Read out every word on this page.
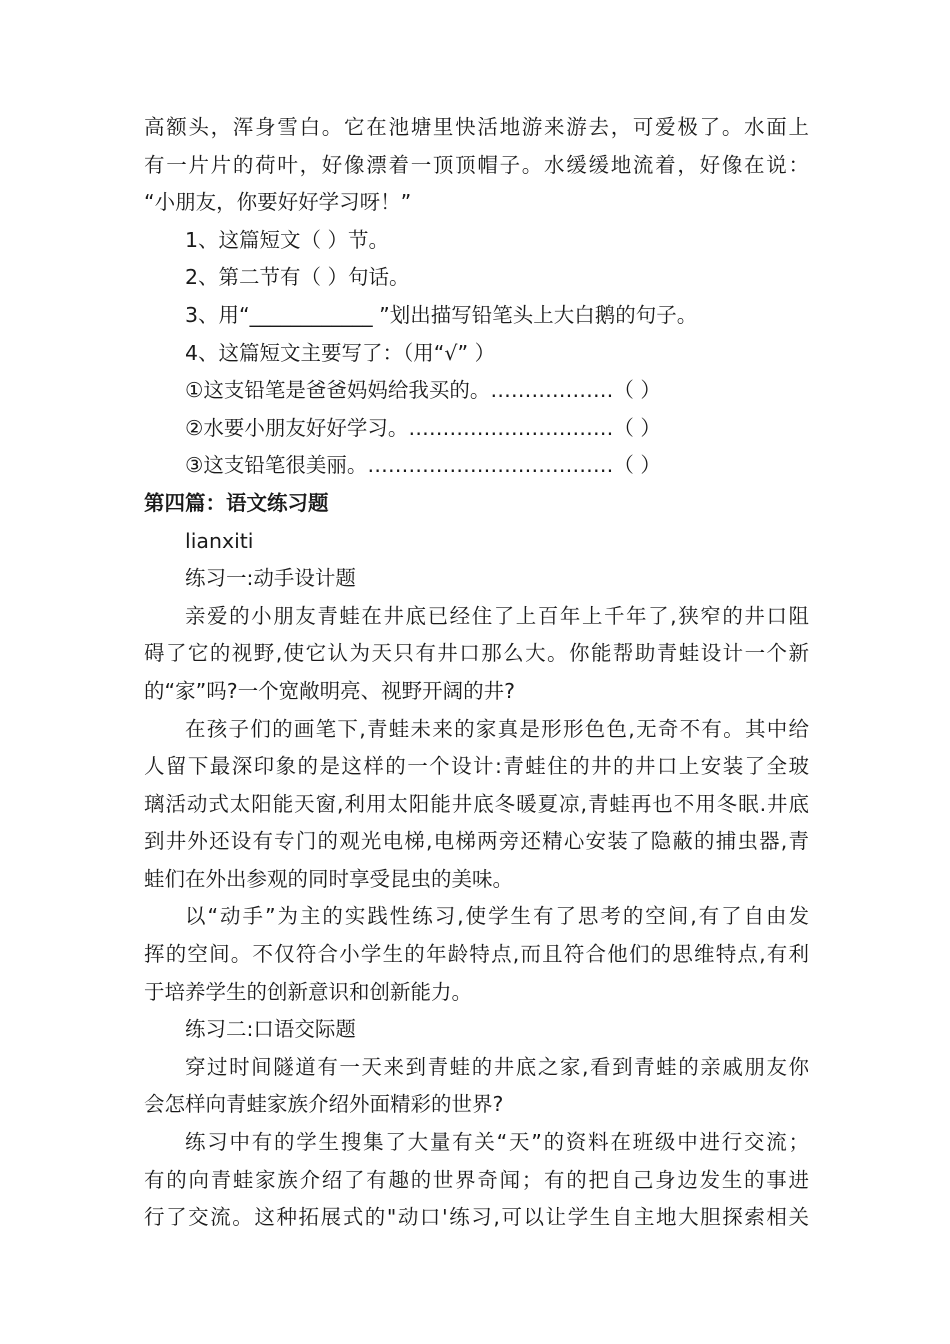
高额头，浑身雪白。它在池塘里快活地游来游去，可爱极了。水面上
有一片片的荷叶，好像漂着一顶顶帽子。水缓缓地流着，好像在说：
“小朋友，你要好好学习呀！”
1、这篇短文（ ）节。
2、第二节有（ ）句话。
3、用“____________ ”划出描写铅笔头上大白鹅的句子。
4、这篇短文主要写了：（用“√” ）
①这支铅笔是爸爸妈妈给我买的。………………（ ）
②水要小朋友好好学习。…………………………（ ）
③这支铅笔很美丽。………………………………（ ）
第四篇：语文练习题
lianxiti
练习一:动手设计题
亲爱的小朋友青蛙在井底已经住了上百年上千年了,狭窄的井口阻
碍了它的视野,使它认为天只有井口那么大。你能帮助青蛙设计一个新
的“家”吗?一个宽敞明亮、视野开阔的井?
在孩子们的画笔下,青蛙未来的家真是形形色色,无奇不有。其中给
人留下最深印象的是这样的一个设计:青蛙住的井的井口上安装了全玻
璃活动式太阳能天窗,利用太阳能井底冬暖夏凉,青蛙再也不用冬眠.井底
到井外还设有专门的观光电梯,电梯两旁还精心安装了隐蔽的捕虫器,青
蛙们在外出参观的同时享受昆虫的美味。
以“动手”为主的实践性练习,使学生有了思考的空间,有了自由发
挥的空间。不仅符合小学生的年龄特点,而且符合他们的思维特点,有利
于培养学生的创新意识和创新能力。
练习二:口语交际题
穿过时间隧道有一天来到青蛙的井底之家,看到青蛙的亲戚朋友你
会怎样向青蛙家族介绍外面精彩的世界?
练习中有的学生搜集了大量有关“天”的资料在班级中进行交流；
有的向青蛙家族介绍了有趣的世界奇闻；有的把自己身边发生的事进
行了交流。这种拓展式的"动口'练习,可以让学生自主地大胆探索相关
